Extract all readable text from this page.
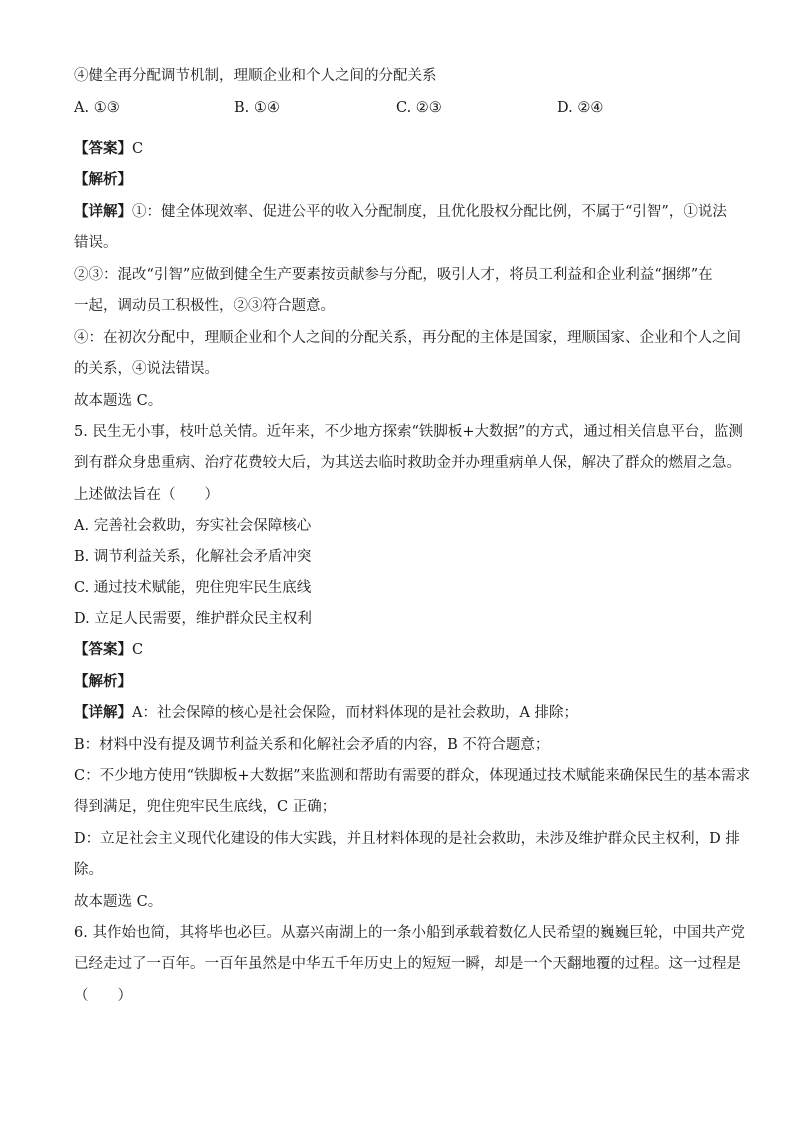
④健全再分配调节机制，理顺企业和个人之间的分配关系
A. ①③	B. ①④	C. ②③	D. ②④
【答案】C
【解析】
【详解】①：健全体现效率、促进公平的收入分配制度，且优化股权分配比例，不属于“引智”，①说法
错误。
②③：混改“引智”应做到健全生产要素按贡献参与分配，吸引人才，将员工利益和企业利益“捆绑”在
一起，调动员工积极性，②③符合题意。
④：在初次分配中，理顺企业和个人之间的分配关系，再分配的主体是国家，理顺国家、企业和个人之间
的关系，④说法错误。
故本题选 C。
5. 民生无小事，枝叶总关情。近年来，不少地方探索“铁脚板+大数据”的方式，通过相关信息平台，监测
到有群众身患重病、治疗花费较大后，为其送去临时救助金并办理重病单人保，解决了群众的燃眉之急。
上述做法旨在（　　）
A. 完善社会救助，夯实社会保障核心
B. 调节利益关系，化解社会矛盾冲突
C. 通过技术赋能，兜住兜牢民生底线
D. 立足人民需要，维护群众民主权利
【答案】C
【解析】
【详解】A：社会保障的核心是社会保险，而材料体现的是社会救助，A 排除；
B：材料中没有提及调节利益关系和化解社会矛盾的内容，B 不符合题意；
C：不少地方使用“铁脚板+大数据”来监测和帮助有需要的群众，体现通过技术赋能来确保民生的基本需求
得到满足，兜住兜牢民生底线，C 正确；
D：立足社会主义现代化建设的伟大实践，并且材料体现的是社会救助，未涉及维护群众民主权利，D 排
除。
故本题选 C。
6. 其作始也简，其将毕也必巨。从嘉兴南湖上的一条小船到承载着数亿人民希望的巍巍巨轮，中国共产党
已经走过了一百年。一百年虽然是中华五千年历史上的短短一瞬，却是一个天翻地覆的过程。这一过程是
（　　）
